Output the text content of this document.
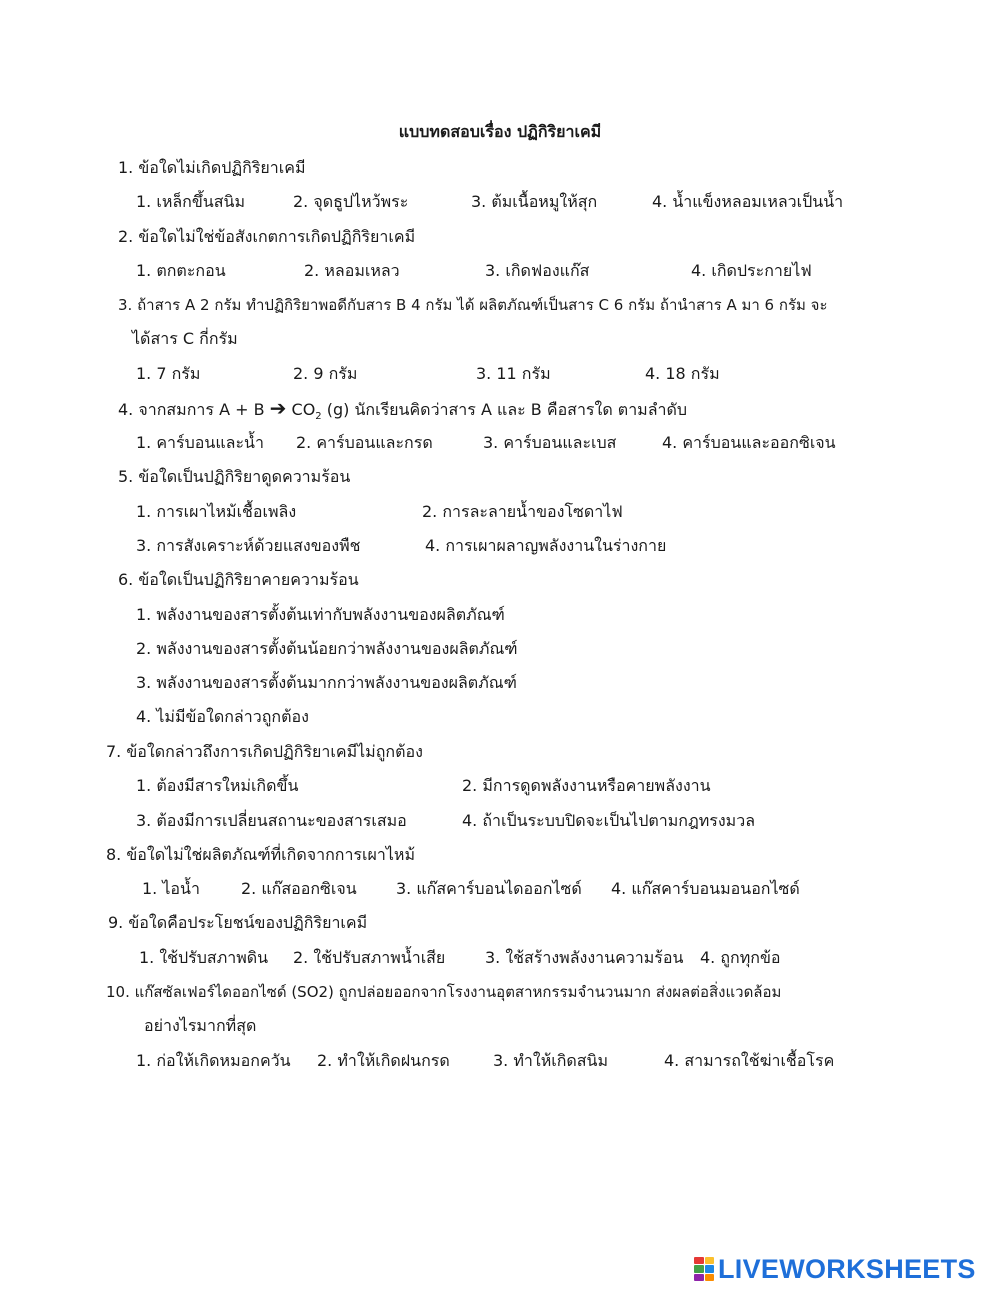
แบบทดสอบเรื่อง ปฏิกิริยาเคมี
1. ข้อใดไม่เกิดปฏิกิริยาเคมี
1. เหล็กขึ้นสนิม	2. จุดธูปไหว้พระ	3. ต้มเนื้อหมูให้สุก	4. น้ำแข็งหลอมเหลวเป็นน้ำ
2. ข้อใดไม่ใช่ข้อสังเกตการเกิดปฏิกิริยาเคมี
1. ตกตะกอน	2. หลอมเหลว	3. เกิดฟองแก๊ส	4. เกิดประกายไฟ
3. ถ้าสาร A 2 กรัม ทำปฏิกิริยาพอดีกับสาร B 4 กรัม ได้ ผลิตภัณฑ์เป็นสาร C 6 กรัม ถ้านำสาร A มา 6 กรัม จะ
ได้สาร C กี่กรัม
1. 7 กรัม	2. 9 กรัม	3. 11 กรัม	4. 18 กรัม
4. จากสมการ A + B ➔ $CO_2$ (g) นักเรียนคิดว่าสาร A และ B คือสารใด ตามลำดับ
1. คาร์บอนและน้ำ 2. คาร์บอนและกรด	3. คาร์บอนและเบส	4. คาร์บอนและออกซิเจน
5. ข้อใดเป็นปฏิกิริยาดูดความร้อน
1. การเผาไหม้เชื้อเพลิง	2. การละลายน้ำของโซดาไฟ
3. การสังเคราะห์ด้วยแสงของพืช	4. การเผาผลาญพลังงานในร่างกาย
6. ข้อใดเป็นปฏิกิริยาคายความร้อน
1. พลังงานของสารตั้งต้นเท่ากับพลังงานของผลิตภัณฑ์
2. พลังงานของสารตั้งต้นน้อยกว่าพลังงานของผลิตภัณฑ์
3. พลังงานของสารตั้งต้นมากกว่าพลังงานของผลิตภัณฑ์
4. ไม่มีข้อใดกล่าวถูกต้อง
7. ข้อใดกล่าวถึงการเกิดปฏิกิริยาเคมีไม่ถูกต้อง
1. ต้องมีสารใหม่เกิดขึ้น	2. มีการดูดพลังงานหรือคายพลังงาน
3. ต้องมีการเปลี่ยนสถานะของสารเสมอ	4. ถ้าเป็นระบบปิดจะเป็นไปตามกฎทรงมวล
8. ข้อใดไม่ใช่ผลิตภัณฑ์ที่เกิดจากการเผาไหม้
1. ไอน้ำ	2. แก๊สออกซิเจน 3. แก๊สคาร์บอนไดออกไซด์ 4. แก๊สคาร์บอนมอนอกไซด์
9. ข้อใดคือประโยชน์ของปฏิกิริยาเคมี
1. ใช้ปรับสภาพดิน 2. ใช้ปรับสภาพน้ำเสีย 3. ใช้สร้างพลังงานความร้อน 4. ถูกทุกข้อ
10. แก๊สซัลเฟอร์ไดออกไซด์ (SO2) ถูกปล่อยออกจากโรงงานอุตสาหกรรมจำนวนมาก ส่งผลต่อสิ่งแวดล้อม
อย่างไรมากที่สุด
1. ก่อให้เกิดหมอกควัน 2. ทำให้เกิดฝนกรด	3. ทำให้เกิดสนิม	4. สามารถใช้ฆ่าเชื้อโรค
LIVEWORKSHEETS
